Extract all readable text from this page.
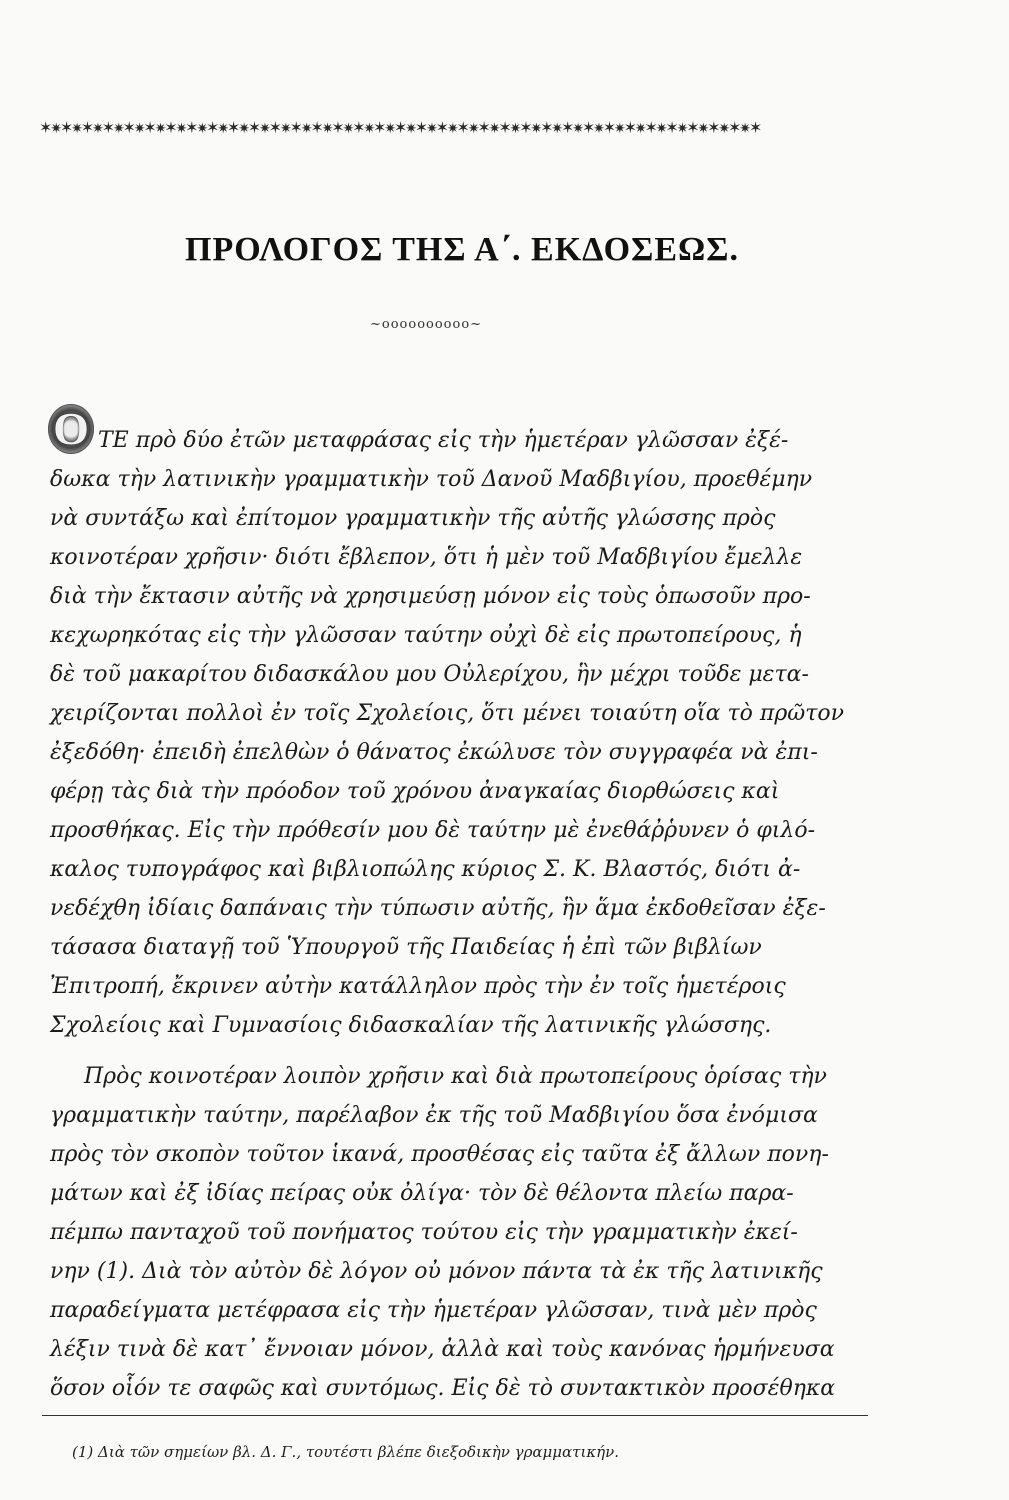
✶✷✶✷✶✷✶✷✶✷✶✷✶✷✶✷✶✷✶✷✶✷✶✷✶✷✶✷✶✷✶✷✶✷✶✷✶✷✶✷✶✷✶✷✶✷✶✷✶✷✶✷✶✷✶✷✶✷✶✷✶✷✶✷✶✷✶✷✶
ΠΡΟΛΟΓΟΣ ΤΗΣ Α΄. ΕΚΔΟΣΕΩΣ.
~oooooooooo~
Ο ΤΕ πρὸ δύο ἐτῶν μεταφράσας εἰς τὴν ἡμετέραν γλῶσσαν ἐξέ-
δωκα τὴν λατινικὴν γραμματικὴν τοῦ Δανοῦ Μαδβιγίου, προεθέμην
νὰ συντάξω καὶ ἐπίτομον γραμματικὴν τῆς αὐτῆς γλώσσης πρὸς
κοινοτέραν χρῆσιν· διότι ἔβλεπον, ὅτι ἡ μὲν τοῦ Μαδβιγίου ἔμελλε
διὰ τὴν ἔκτασιν αὐτῆς νὰ χρησιμεύσῃ μόνον εἰς τοὺς ὁπωσοῦν προ-
κεχωρηκότας εἰς τὴν γλῶσσαν ταύτην οὐχὶ δὲ εἰς πρωτοπείρους, ἡ
δὲ τοῦ μακαρίτου διδασκάλου μου Οὐλερίχου, ἣν μέχρι τοῦδε μετα-
χειρίζονται πολλοὶ ἐν τοῖς Σχολείοις, ὅτι μένει τοιαύτη οἵα τὸ πρῶτον
ἐξεδόθη· ἐπειδὴ ἐπελθὼν ὁ θάνατος ἐκώλυσε τὸν συγγραφέα νὰ ἐπι-
φέρῃ τὰς διὰ τὴν πρόοδον τοῦ χρόνου ἀναγκαίας διορθώσεις καὶ
προσθήκας. Εἰς τὴν πρόθεσίν μου δὲ ταύτην μὲ ἐνεθάῤῥυνεν ὁ φιλό-
καλος τυπογράφος καὶ βιβλιοπώλης κύριος Σ. Κ. Βλαστός, διότι ἀ-
νεδέχθη ἰδίαις δαπάναις τὴν τύπωσιν αὐτῆς, ἣν ἅμα ἐκδοθεῖσαν ἐξε-
τάσασα διαταγῇ τοῦ Ὑπουργοῦ τῆς Παιδείας ἡ ἐπὶ τῶν βιβλίων
Ἐπιτροπή, ἔκρινεν αὐτὴν κατάλληλον πρὸς τὴν ἐν τοῖς ἡμετέροις
Σχολείοις καὶ Γυμνασίοις διδασκαλίαν τῆς λατινικῆς γλώσσης.
Πρὸς κοινοτέραν λοιπὸν χρῆσιν καὶ διὰ πρωτοπείρους ὁρίσας τὴν
γραμματικὴν ταύτην, παρέλαβον ἐκ τῆς τοῦ Μαδβιγίου ὅσα ἐνόμισα
πρὸς τὸν σκοπὸν τοῦτον ἱκανά, προσθέσας εἰς ταῦτα ἐξ ἄλλων πονη-
μάτων καὶ ἐξ ἰδίας πείρας οὐκ ὀλίγα· τὸν δὲ θέλοντα πλείω παρα-
πέμπω πανταχοῦ τοῦ πονήματος τούτου εἰς τὴν γραμματικὴν ἐκεί-
νην (1). Διὰ τὸν αὐτὸν δὲ λόγον οὐ μόνον πάντα τὰ ἐκ τῆς λατινικῆς
παραδείγματα μετέφρασα εἰς τὴν ἡμετέραν γλῶσσαν, τινὰ μὲν πρὸς
λέξιν τινὰ δὲ κατ᾽ ἔννοιαν μόνον, ἀλλὰ καὶ τοὺς κανόνας ἡρμήνευσα
ὅσον οἷόν τε σαφῶς καὶ συντόμως. Εἰς δὲ τὸ συντακτικὸν προσέθηκα
(1) Διὰ τῶν σημείων βλ. Δ. Γ., τουτέστι βλέπε διεξοδικὴν γραμματικήν.
